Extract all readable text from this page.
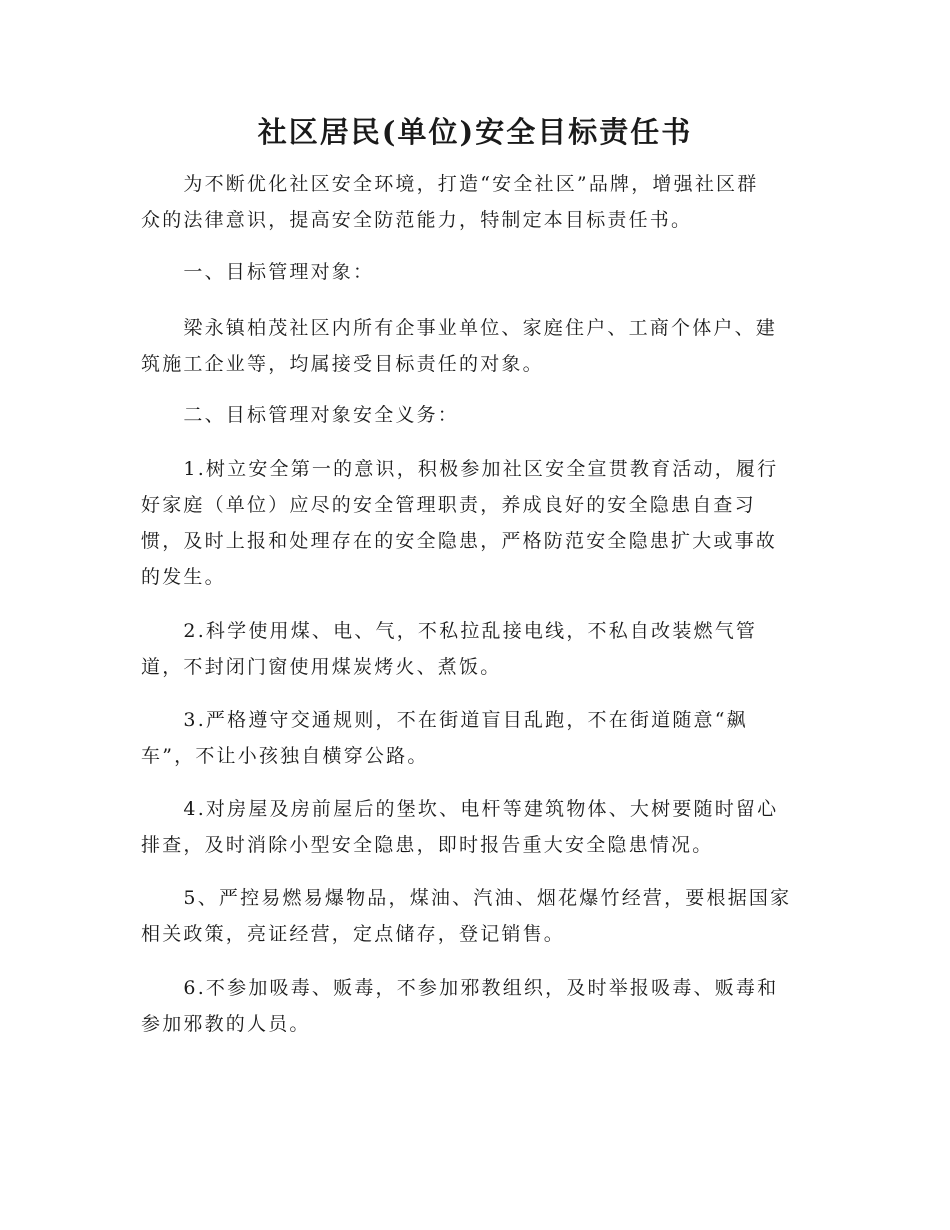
社区居民(单位)安全目标责任书

　　为不断优化社区安全环境，打造“安全社区”品牌，增强社区群
众的法律意识，提高安全防范能力，特制定本目标责任书。

　　一、目标管理对象：

　　梁永镇柏茂社区内所有企事业单位、家庭住户、工商个体户、建
筑施工企业等，均属接受目标责任的对象。

　　二、目标管理对象安全义务：

　　1.树立安全第一的意识，积极参加社区安全宣贯教育活动，履行
好家庭（单位）应尽的安全管理职责，养成良好的安全隐患自查习
惯，及时上报和处理存在的安全隐患，严格防范安全隐患扩大或事故
的发生。

　　2.科学使用煤、电、气，不私拉乱接电线，不私自改装燃气管
道，不封闭门窗使用煤炭烤火、煮饭。

　　3.严格遵守交通规则，不在街道盲目乱跑，不在街道随意“飙
车”，不让小孩独自横穿公路。

　　4.对房屋及房前屋后的堡坎、电杆等建筑物体、大树要随时留心
排查，及时消除小型安全隐患，即时报告重大安全隐患情况。

　　5、严控易燃易爆物品，煤油、汽油、烟花爆竹经营，要根据国家
相关政策，亮证经营，定点储存，登记销售。

　　6.不参加吸毒、贩毒，不参加邪教组织，及时举报吸毒、贩毒和
参加邪教的人员。
